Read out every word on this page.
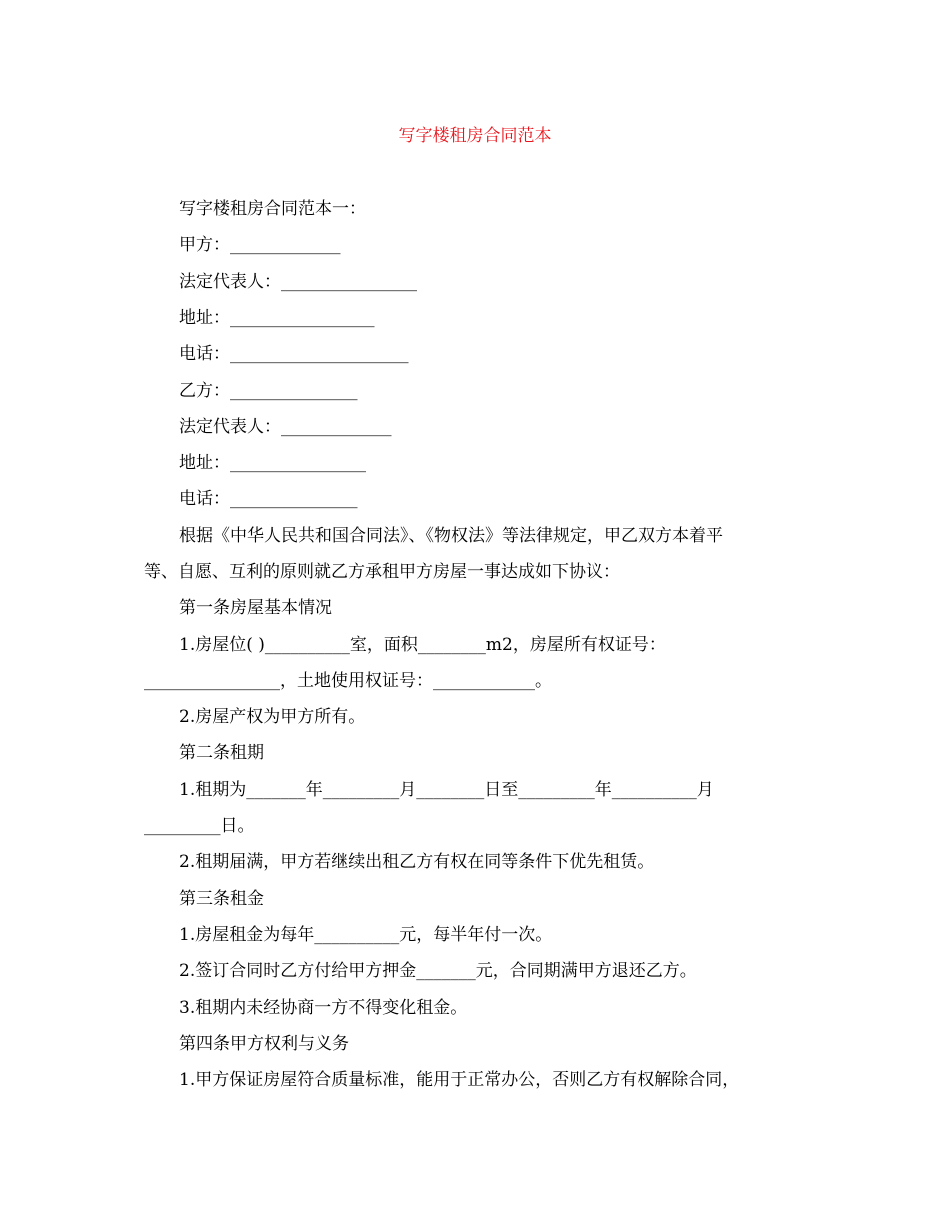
写字楼租房合同范本
写字楼租房合同范本一：
甲方：_____________
法定代表人：________________
地址：_________________
电话：_____________________
乙方：_______________
法定代表人：_____________
地址：________________
电话：_______________
根据《中华人民共和国合同法》、《物权法》等法律规定，甲乙双方本着平
等、自愿、互利的原则就乙方承租甲方房屋一事达成如下协议：
第一条房屋基本情况
1.房屋位( )__________室，面积________m2，房屋所有权证号：
________________，土地使用权证号：____________。
2.房屋产权为甲方所有。
第二条租期
1.租期为_______年_________月________日至_________年__________月
_________日。
2.租期届满，甲方若继续出租乙方有权在同等条件下优先租赁。
第三条租金
1.房屋租金为每年__________元，每半年付一次。
2.签订合同时乙方付给甲方押金_______元，合同期满甲方退还乙方。
3.租期内未经协商一方不得变化租金。
第四条甲方权利与义务
1.甲方保证房屋符合质量标准，能用于正常办公，否则乙方有权解除合同，
